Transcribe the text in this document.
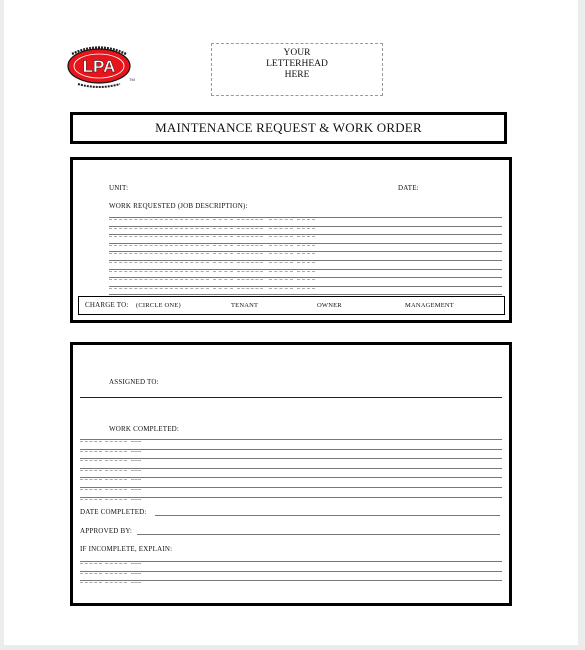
LPA
TM
YOUR
LETTERHEAD
HERE
MAINTENANCE REQUEST & WORK ORDER
UNIT:	DATE:
WORK REQUESTED (JOB DESCRIPTION):
CHARGE TO: (CIRCLE ONE)	TENANT	OWNER	MANAGEMENT
ASSIGNED TO:
WORK COMPLETED:
DATE COMPLETED:
APPROVED BY:
IF INCOMPLETE, EXPLAIN:
